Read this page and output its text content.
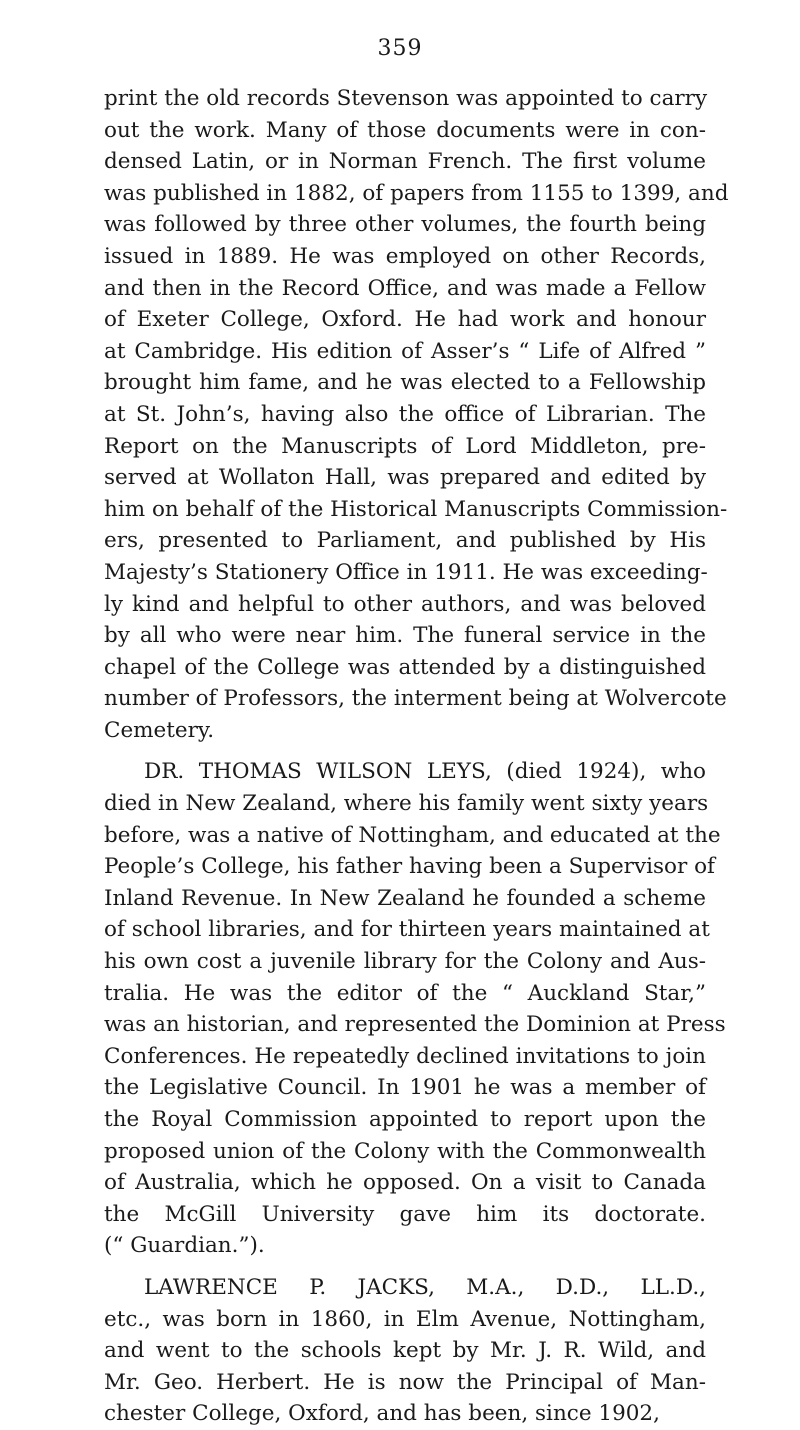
359
print the old records Stevenson was appointed to carry
out the work. Many of those documents were in con-
densed Latin, or in Norman French. The first volume
was published in 1882, of papers from 1155 to 1399, and
was followed by three other volumes, the fourth being
issued in 1889. He was employed on other Records,
and then in the Record Office, and was made a Fellow
of Exeter College, Oxford. He had work and honour
at Cambridge. His edition of Asser’s “ Life of Alfred ”
brought him fame, and he was elected to a Fellowship
at St. John’s, having also the office of Librarian. The
Report on the Manuscripts of Lord Middleton, pre-
served at Wollaton Hall, was prepared and edited by
him on behalf of the Historical Manuscripts Commission-
ers, presented to Parliament, and published by His
Majesty’s Stationery Office in 1911. He was exceeding-
ly kind and helpful to other authors, and was beloved
by all who were near him. The funeral service in the
chapel of the College was attended by a distinguished
number of Professors, the interment being at Wolvercote
Cemetery.
DR. THOMAS WILSON LEYS, (died 1924), who
died in New Zealand, where his family went sixty years
before, was a native of Nottingham, and educated at the
People’s College, his father having been a Supervisor of
Inland Revenue. In New Zealand he founded a scheme
of school libraries, and for thirteen years maintained at
his own cost a juvenile library for the Colony and Aus-
tralia. He was the editor of the “ Auckland Star,”
was an historian, and represented the Dominion at Press
Conferences. He repeatedly declined invitations to join
the Legislative Council. In 1901 he was a member of
the Royal Commission appointed to report upon the
proposed union of the Colony with the Commonwealth
of Australia, which he opposed. On a visit to Canada
the McGill University gave him its doctorate.
(“ Guardian.”).
LAWRENCE P. JACKS, M.A., D.D., LL.D.,
etc., was born in 1860, in Elm Avenue, Nottingham,
and went to the schools kept by Mr. J. R. Wild, and
Mr. Geo. Herbert. He is now the Principal of Man-
chester College, Oxford, and has been, since 1902,
